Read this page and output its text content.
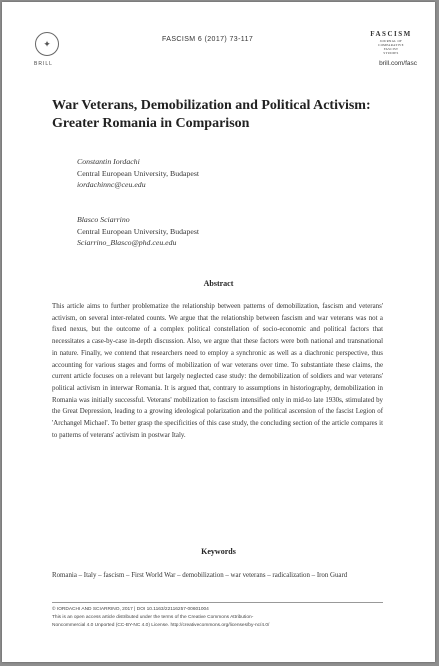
✦
BRILL
FASCISM 6 (2017) 73-117
FASCISM
JOURNAL OF
COMPARATIVE
FASCIST
STUDIES
brill.com/fasc
War Veterans, Demobilization and Political Activism: Greater Romania in Comparison
Constantin Iordachi
Central European University, Budapest
iordachinnc@ceu.edu
Blasco Sciarrino
Central European University, Budapest
Sciarrino_Blasco@phd.ceu.edu
Abstract

This article aims to further problematize the relationship between patterns of demobilization, fascism and veterans' activism, on several inter-related counts. We argue that the relationship between fascism and war veterans was not a fixed nexus, but the outcome of a complex political constellation of socio-economic and political factors that necessitates a case-by-case in-depth discussion. Also, we argue that these factors were both national and transnational in nature. Finally, we contend that researchers need to employ a synchronic as well as a diachronic perspective, thus accounting for various stages and forms of mobilization of war veterans over time. To substantiate these claims, the current article focuses on a relevant but largely neglected case study: the demobilization of soldiers and war veterans' political activism in interwar Romania. It is argued that, contrary to assumptions in historiography, demobilization in Romania was initially successful. Veterans' mobilization to fascism intensified only in mid-to late 1930s, stimulated by the Great Depression, leading to a growing ideological polarization and the political ascension of the fascist Legion of 'Archangel Michael'. To better grasp the specificities of this case study, the concluding section of the article compares it to patterns of veterans' activism in postwar Italy.

Keywords

Romania – Italy – fascism – First World War – demobilization – war veterans – radicalization – Iron Guard

© IORDACHI AND SCIARRINO, 2017 | DOI 10.1163/22116257-00601004
This is an open access article distributed under the terms of the Creative Commons Attribution-
Noncommercial 4.0 Unported (CC-BY-NC 4.0) License. http://creativecommons.org/licenses/by-nc/4.0/
